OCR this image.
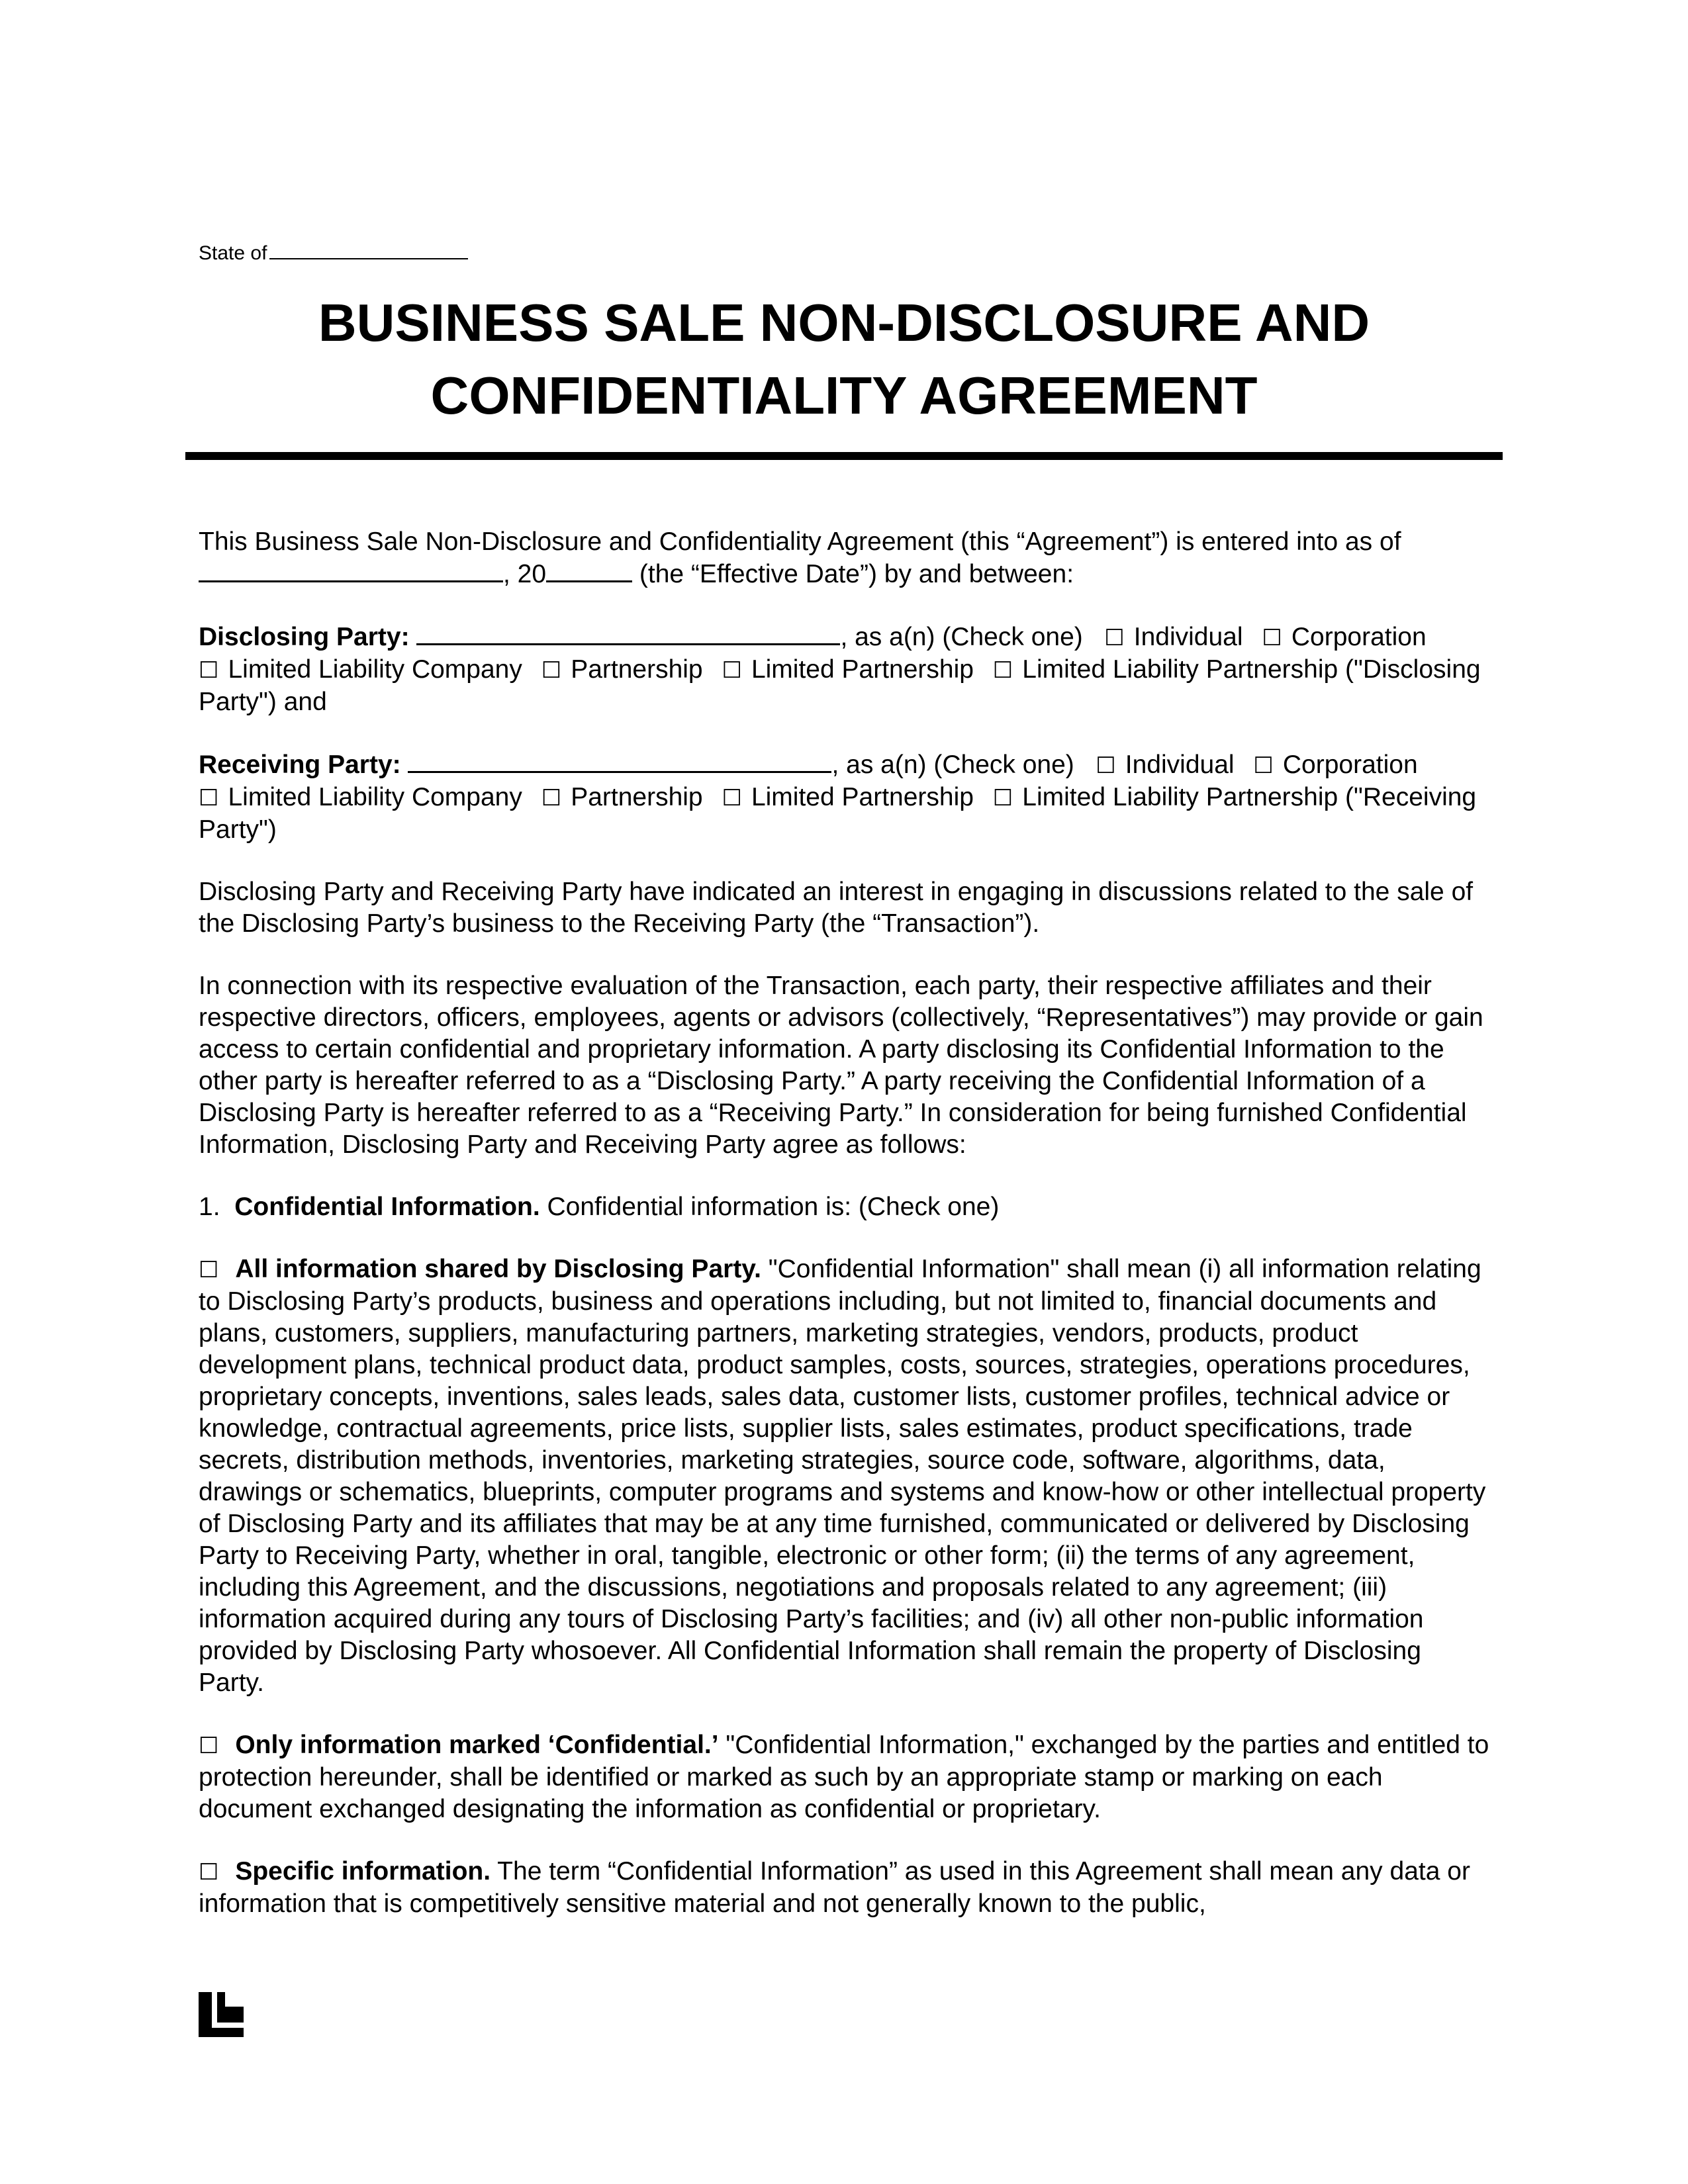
State of
BUSINESS SALE NON-DISCLOSURE AND
CONFIDENTIALITY AGREEMENT

This Business Sale Non-Disclosure and Confidentiality Agreement (this “Agreement”) is entered into as of
, 20	(the “Effective Date”) by and between:

Disclosing Party:	, as a(n) (Check one) ☐ Individual ☐ Corporation ☐ Limited Liability Company ☐ Partnership ☐ Limited Partnership ☐ Limited Liability Partnership ("Disclosing Party") and

Receiving Party:	, as a(n) (Check one) ☐ Individual ☐ Corporation ☐ Limited Liability Company ☐ Partnership ☐ Limited Partnership ☐ Limited Liability Partnership ("Receiving Party")

Disclosing Party and Receiving Party have indicated an interest in engaging in discussions related to the sale of the Disclosing Party’s business to the Receiving Party (the “Transaction”).

In connection with its respective evaluation of the Transaction, each party, their respective affiliates and their respective directors, officers, employees, agents or advisors (collectively, “Representatives”) may provide or gain access to certain confidential and proprietary information. A party disclosing its Confidential Information to the other party is hereafter referred to as a “Disclosing Party.” A party receiving the Confidential Information of a Disclosing Party is hereafter referred to as a “Receiving Party.” In consideration for being furnished Confidential Information, Disclosing Party and Receiving Party agree as follows:

1. Confidential Information. Confidential information is: (Check one)

☐ All information shared by Disclosing Party. "Confidential Information" shall mean (i) all information relating to Disclosing Party’s products, business and operations including, but not limited to, financial documents and plans, customers, suppliers, manufacturing partners, marketing strategies, vendors, products, product development plans, technical product data, product samples, costs, sources, strategies, operations procedures, proprietary concepts, inventions, sales leads, sales data, customer lists, customer profiles, technical advice or knowledge, contractual agreements, price lists, supplier lists, sales estimates, product specifications, trade secrets, distribution methods, inventories, marketing strategies, source code, software, algorithms, data, drawings or schematics, blueprints, computer programs and systems and know-how or other intellectual property of Disclosing Party and its affiliates that may be at any time furnished, communicated or delivered by Disclosing Party to Receiving Party, whether in oral, tangible, electronic or other form; (ii) the terms of any agreement, including this Agreement, and the discussions, negotiations and proposals related to any agreement; (iii) information acquired during any tours of Disclosing Party’s facilities; and (iv) all other non-public information provided by Disclosing Party whosoever. All Confidential Information shall remain the property of Disclosing Party.

☐ Only information marked ‘Confidential.’ "Confidential Information," exchanged by the parties and entitled to protection hereunder, shall be identified or marked as such by an appropriate stamp or marking on each document exchanged designating the information as confidential or proprietary.

☐ Specific information. The term “Confidential Information” as used in this Agreement shall mean any data or information that is competitively sensitive material and not generally known to the public,
